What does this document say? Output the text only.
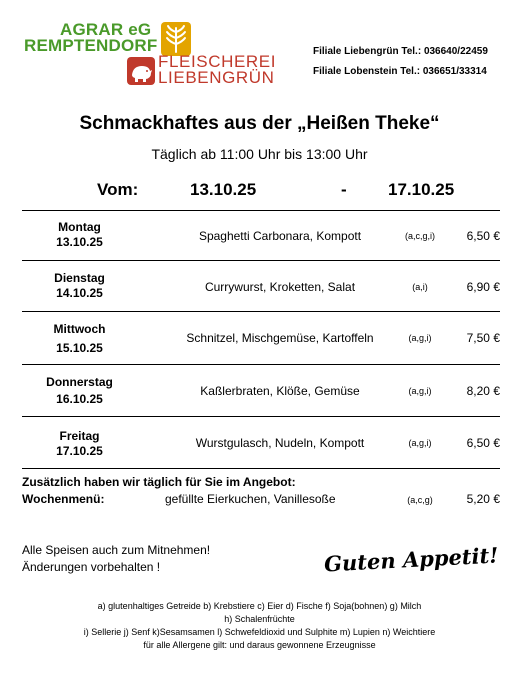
AGRAR eG
REMPTENDORF
FLEISCHEREI
LIEBENGRÜN
Filiale Liebengrün Tel.: 036640/22459
Filiale Lobenstein Tel.: 036651/33314
Schmackhaftes aus der „Heißen Theke“
Täglich ab 11:00 Uhr bis 13:00 Uhr
Vom:	13.10.25	- 17.10.25
Montag
13.10.25	Spaghetti Carbonara, Kompott	(a,c,g,i)	6,50 €
Dienstag
14.10.25	Currywurst, Kroketten, Salat	(a,i)	6,90 €
Mittwoch
15.10.25
Schnitzel, Mischgemüse, Kartoffeln	(a,g,i)	7,50 €
Donnerstag
16.10.25
Kaßlerbraten, Klöße, Gemüse	(a,g,i)	8,20 €
Freitag
17.10.25
Wurstgulasch, Nudeln, Kompott	(a,g,i)	6,50 €
Zusätzlich haben wir täglich für Sie im Angebot:
Wochenmenü:	gefüllte Eierkuchen, Vanillesoße	(a,c,g)	5,20 €
Alle Speisen auch zum Mitnehmen!
Änderungen vorbehalten !	Guten Appetit!
a) glutenhaltiges Getreide b) Krebstiere c) Eier d) Fische f) Soja(bohnen) g) Milch
h) Schalenfrüchte
i) Sellerie j) Senf k)Sesamsamen l) Schwefeldioxid und Sulphite m) Lupien n) Weichtiere
für alle Allergene gilt: und daraus gewonnene Erzeugnisse
